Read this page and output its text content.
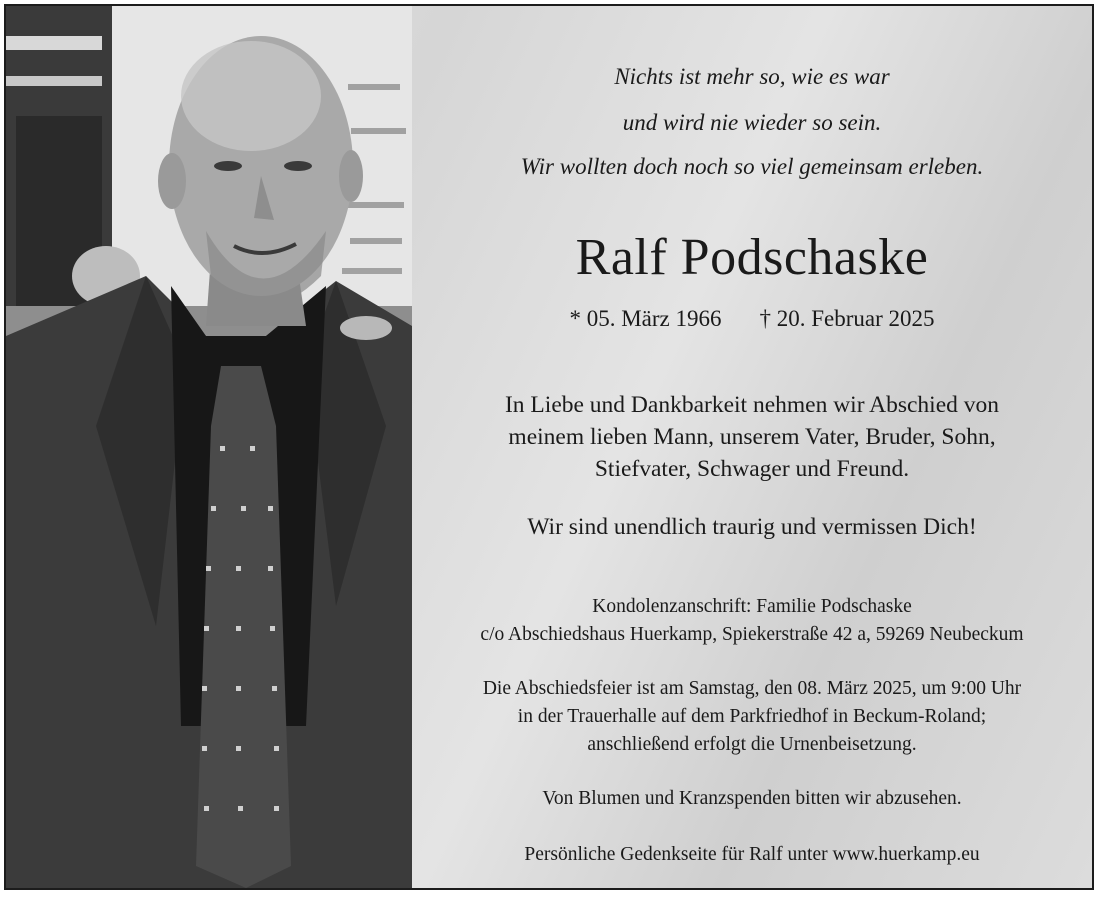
Nichts ist mehr so, wie es war
und wird nie wieder so sein.
Wir wollten doch noch so viel gemeinsam erleben.
Ralf Podschaske
* 05. März 1966 † 20. Februar 2025
In Liebe und Dankbarkeit nehmen wir Abschied von
meinem lieben Mann, unserem Vater, Bruder, Sohn,
Stiefvater, Schwager und Freund.
Wir sind unendlich traurig und vermissen Dich!
Kondolenzanschrift: Familie Podschaske
c/o Abschiedshaus Huerkamp, Spiekerstraße 42 a, 59269 Neubeckum
Die Abschiedsfeier ist am Samstag, den 08. März 2025, um 9:00 Uhr
in der Trauerhalle auf dem Parkfriedhof in Beckum-Roland;
anschließend erfolgt die Urnenbeisetzung.
Von Blumen und Kranzspenden bitten wir abzusehen.
Persönliche Gedenkseite für Ralf unter www.huerkamp.eu
